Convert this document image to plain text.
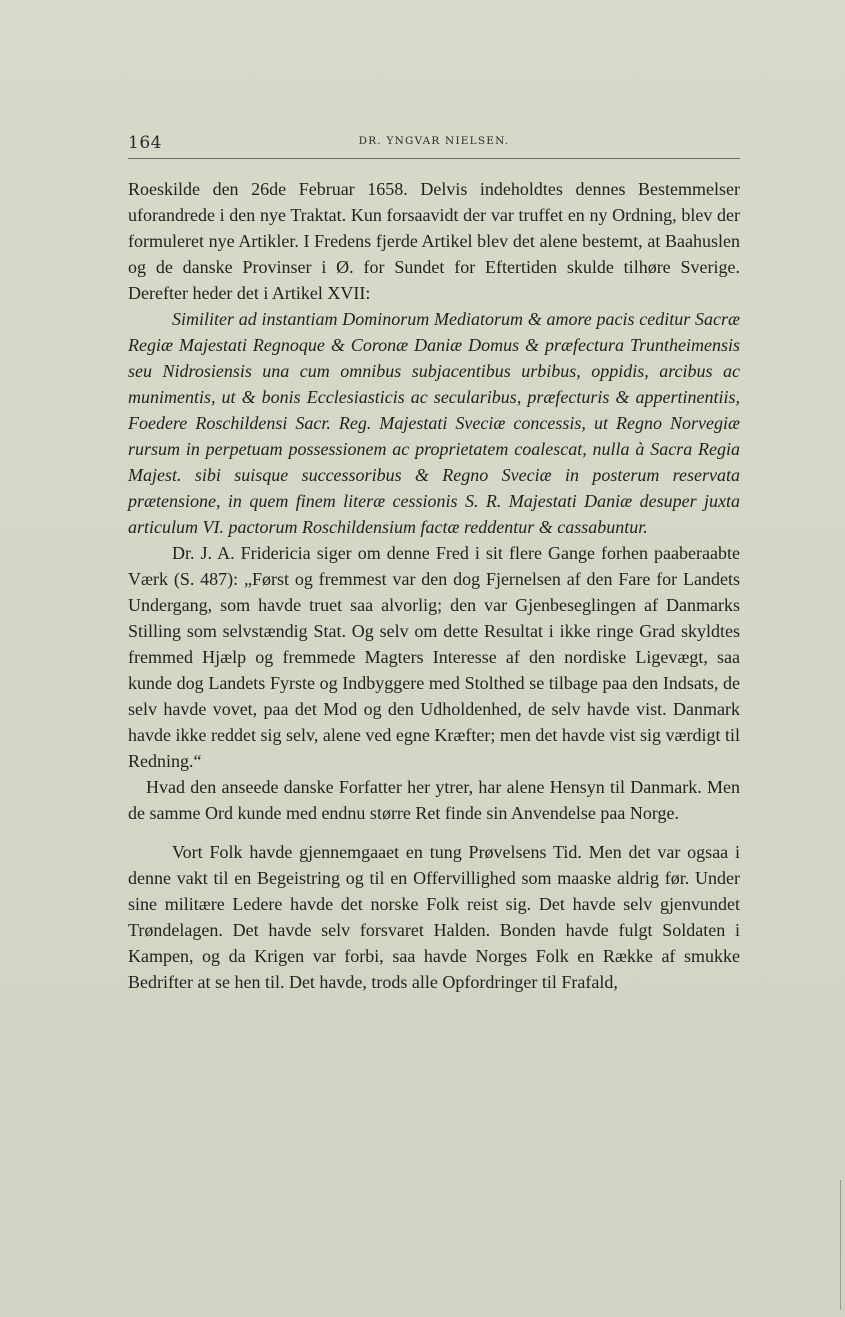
164	DR. YNGVAR NIELSEN.

Roeskilde den 26de Februar 1658. Delvis indeholdtes dennes Bestemmelser uforandrede i den nye Traktat. Kun forsaavidt der var truffet en ny Ordning, blev der formuleret nye Artikler. I Fredens fjerde Artikel blev det alene bestemt, at Baahuslen og de danske Provinser i Ø. for Sundet for Eftertiden skulde tilhøre Sverige. Derefter heder det i Artikel XVII:

Similiter ad instantiam Dominorum Mediatorum & amore pacis ceditur Sacræ Regiæ Majestati Regnoque & Coronæ Daniæ Domus & præfectura Truntheimensis seu Nidrosiensis una cum omnibus subjacentibus urbibus, oppidis, arcibus ac munimentis, ut & bonis Ecclesiasticis ac secularibus, præfecturis & appertinentiis, Foedere Roschildensi Sacr. Reg. Majestati Sveciæ concessis, ut Regno Norvegiæ rursum in perpetuam possessionem ac proprietatem coalescat, nulla à Sacra Regia Majest. sibi suisque successoribus & Regno Sveciæ in posterum reservata prætensione, in quem finem literæ cessionis S. R. Majestati Daniæ desuper juxta articulum VI. pactorum Roschildensium factæ reddentur & cassabuntur.

Dr. J. A. Fridericia siger om denne Fred i sit flere Gange forhen paaberaabte Værk (S. 487): „Først og fremmest var den dog Fjernelsen af den Fare for Landets Undergang, som havde truet saa alvorlig; den var Gjenbeseglingen af Danmarks Stilling som selvstændig Stat. Og selv om dette Resultat i ikke ringe Grad skyldtes fremmed Hjælp og fremmede Magters Interesse af den nordiske Ligevægt, saa kunde dog Landets Fyrste og Indbyggere med Stolthed se tilbage paa den Indsats, de selv havde vovet, paa det Mod og den Udholdenhed, de selv havde vist. Danmark havde ikke reddet sig selv, alene ved egne Kræfter; men det havde vist sig værdigt til Redning.“

Hvad den anseede danske Forfatter her ytrer, har alene Hensyn til Danmark. Men de samme Ord kunde med endnu større Ret finde sin Anvendelse paa Norge.

Vort Folk havde gjennemgaaet en tung Prøvelsens Tid. Men det var ogsaa i denne vakt til en Begeistring og til en Offervillighed som maaske aldrig før. Under sine militære Ledere havde det norske Folk reist sig. Det havde selv gjenvundet Trøndelagen. Det havde selv forsvaret Halden. Bonden havde fulgt Soldaten i Kampen, og da Krigen var forbi, saa havde Norges Folk en Række af smukke Bedrifter at se hen til. Det havde, trods alle Opfordringer til Frafald,
